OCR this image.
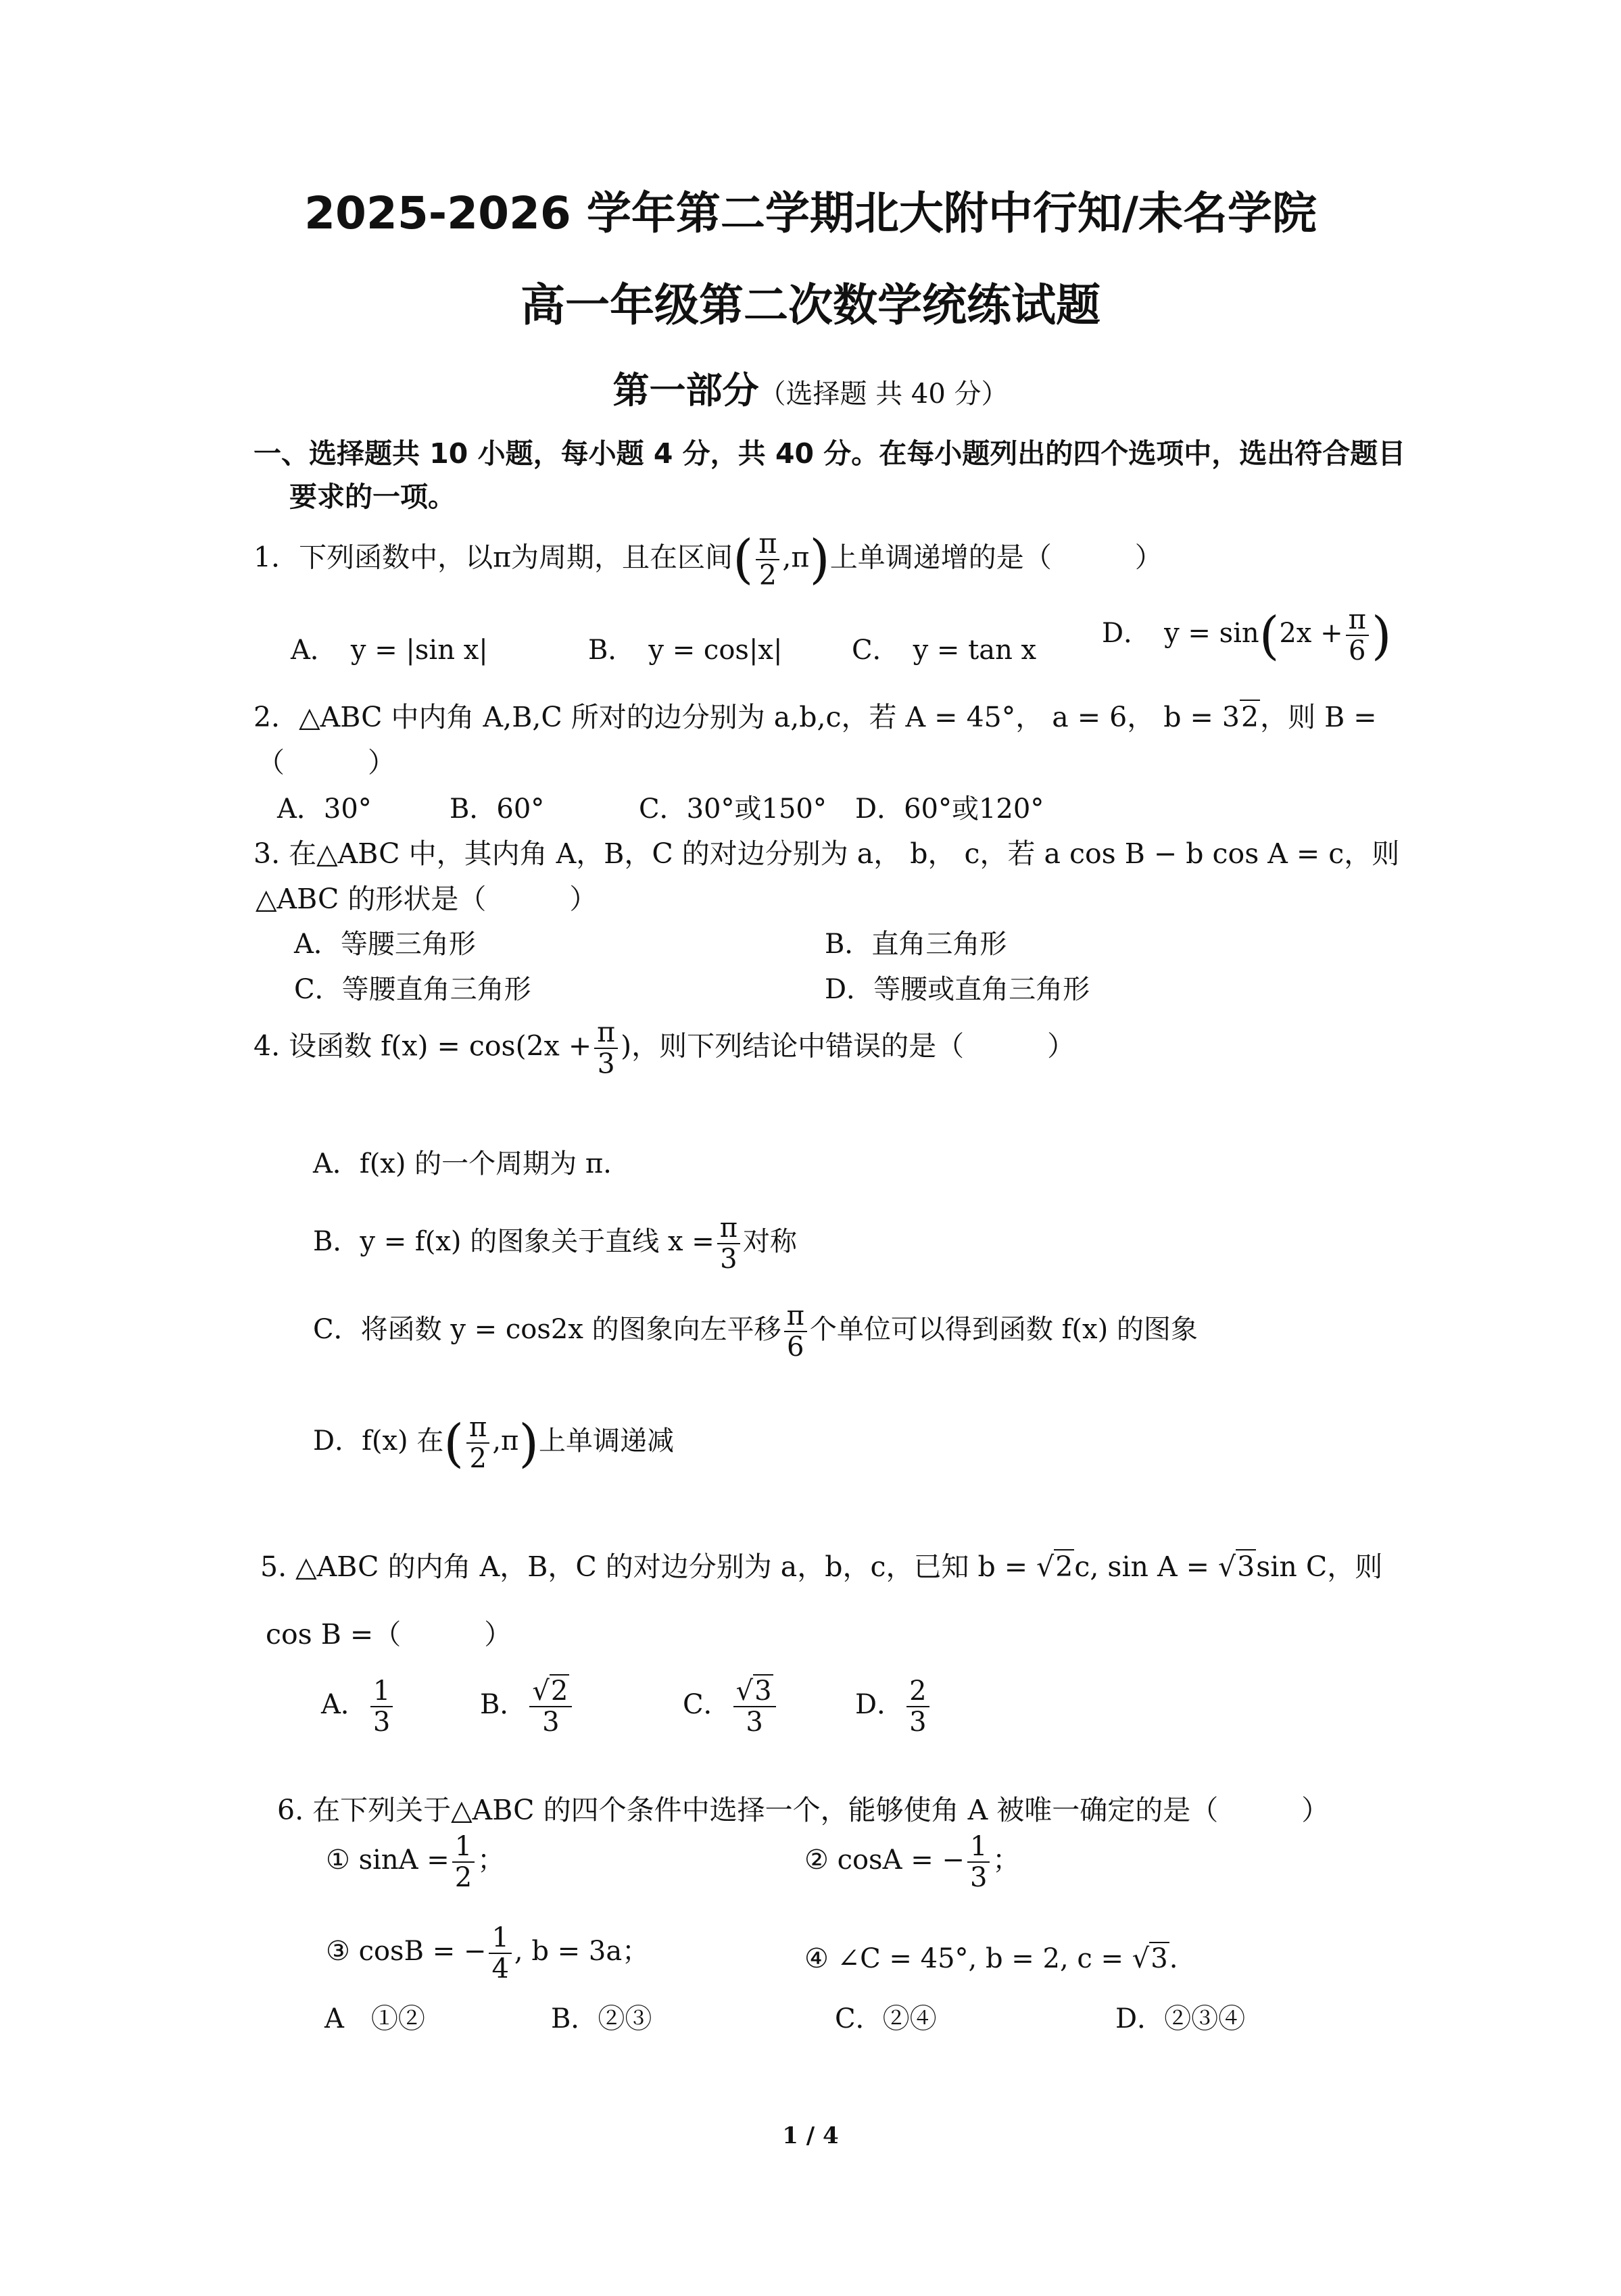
2025-2026 学年第二学期北大附中行知/未名学院
高一年级第二次数学统练试题
第一部分（选择题 共 40 分）
一、选择题共 10 小题，每小题 4 分，共 40 分。在每小题列出的四个选项中，选出符合题目
要求的一项。
1．下列函数中，以π为周期，且在区间( $\frac{\pi}{2} ,\pi$)上单调递增的是（　　　）
A．　y = |sin x|	B．　y = cos|x|	C．　y = tan x
D．　$y = \sin(2x + \frac{\pi}{6}$ )
2．△ABC 中内角 A,B,C 所对的边分别为 a,b,c，若 A = 45°， a = 6， b = 32，则 B =
（　　　）
A．30°	B．60°	C．30°或150° D．60°或120°
3. 在△ABC 中，其内角 A，B，C 的对边分别为 a， b， c，若 a cos B − b cos A = c，则
△ABC 的形状是（　　　）
A．等腰三角形	B．直角三角形
C．等腰直角三角形	D．等腰或直角三角形
4. 设函数 $f(x) = \cos(2x + \frac{\pi}{3}$ )，则下列结论中错误的是（　　　）
A．f(x) 的一个周期为 π.
B．y = f(x) 的图象关于直线 $x = \frac{\pi}{3}$ 对称
C．将函数 y = cos2x 的图象向左平移 $\frac{\pi}{6}$ 个单位可以得到函数 f(x) 的图象
D．f(x) 在( $\frac{\pi}{2} ,\pi$)上单调递减
5. △ABC 的内角 A，B，C 的对边分别为 a，b，c，已知 b = √2c, sin A = √3sin C，则
cos B =（　　　）
A． $\frac{1}{3}$	B． $\frac{√2}{3}$	C． $\frac{√3}{3}$	D． $\frac{2}{3}$
6. 在下列关于△ABC 的四个条件中选择一个，能够使角 A 被唯一确定的是（　　　）
① $\sin A = \frac{1}{2}$ ；	② cosA = − $\frac{1}{3}$ ；
③ cosB = − $\frac{1}{4}$ , b = 3a；	④ ∠C = 45°, b = 2, c = √3.
A　①②	B．②③	C．②④	D．②③④
1 / 4
